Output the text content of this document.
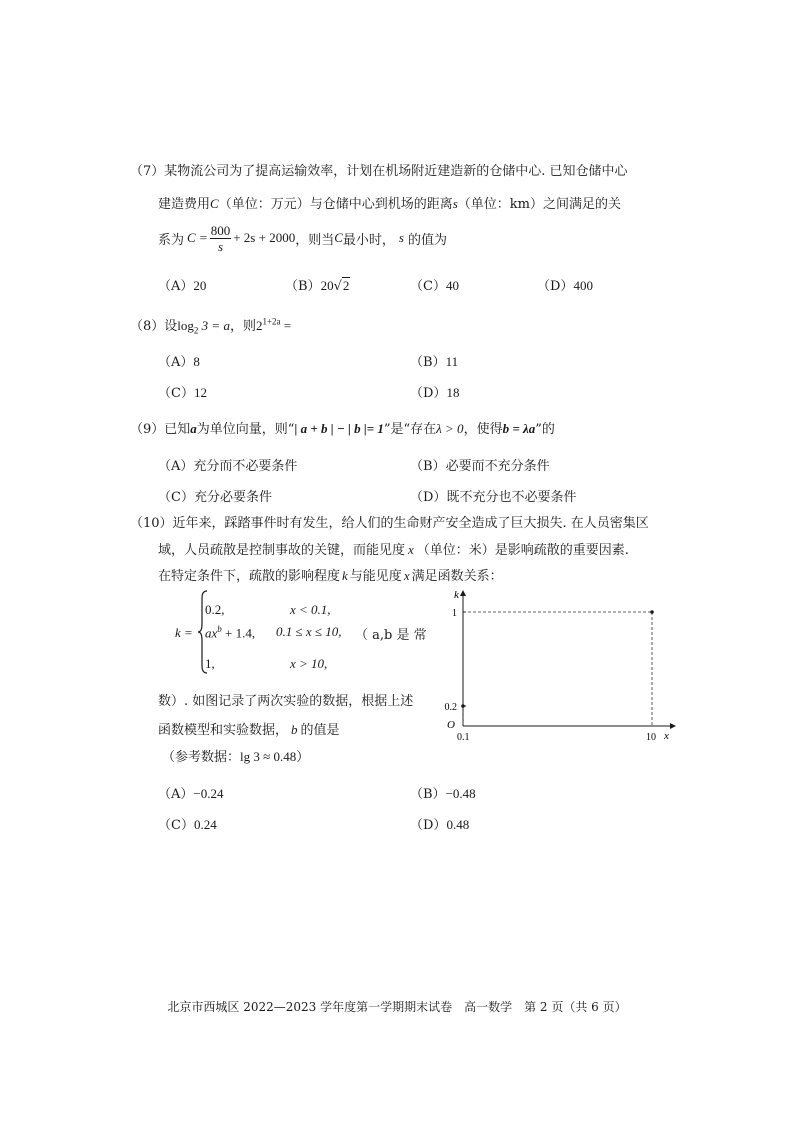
（7）某物流公司为了提高运输效率，计划在机场附近建造新的仓储中心. 已知仓储中心
建造费用C（单位：万元）与仓储中心到机场的距离s（单位：km）之间满足的关
系为 $C = \frac{800}{s} + 2s + 2000$ ，则当 C 最小时， s 的值为
（A）20	（B）20√2	（C）40	（D）400
（8）设$\log_2 3 = a$，则$2^{1+2a}$ =
（A）8	（B）11
（C）12	（D）18
（9）已知a为单位向量，则“| a + b | − | b |= 1”是“存在λ > 0，使得b = λa”的
（A）充分而不必要条件	（B）必要而不充分条件
（C）充分必要条件	（D）既不充分也不必要条件
（10）近年来，踩踏事件时有发生，给人们的生命财产安全造成了巨大损失. 在人员密集区
域，人员疏散是控制事故的关键，而能见度 x （单位：米）是影响疏散的重要因素.
在特定条件下，疏散的影响程度 k 与能见度 x 满足函数关系：
k =
0.2,	x < 0.1,
$ax^b + 1.4$, 0.1 ≤ x ≤ 10, （ a,b 是 常
1,	x > 10,
数）. 如图记录了两次实验的数据，根据上述
函数模型和实验数据， b 的值是
（参考数据：lg 3 ≈ 0.48）
x
k
O
0.1	10
0.2
1
（A）−0.24	（B）−0.48
（C）0.24	（D）0.48
北京市西城区 2022—2023 学年度第一学期期末试卷　高一数学　第 2 页（共 6 页）
